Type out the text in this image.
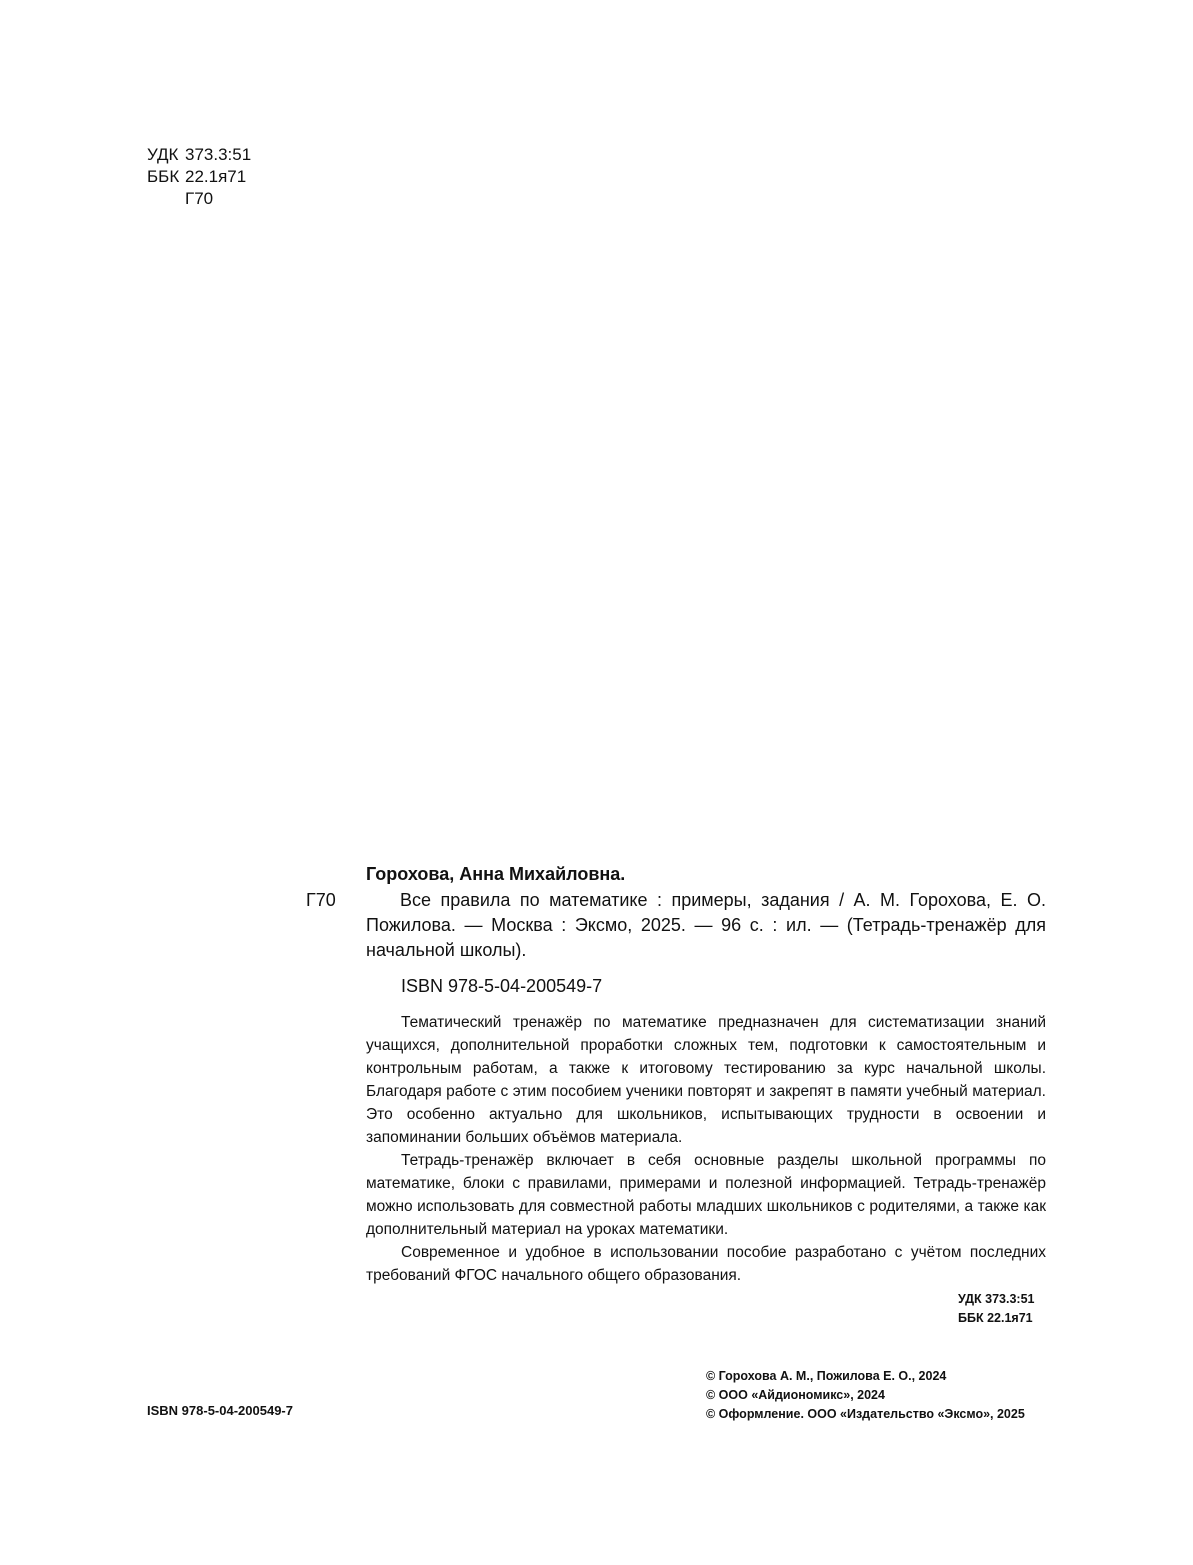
УДК 373.3:51
ББК 22.1я71
Г70
Горохова, Анна Михайловна.
Г70	Все правила по математике : примеры, задания / А. М. Горохова, Е. О. Пожилова. — Москва : Эксмо, 2025. — 96 с. : ил. — (Тетрадь-тренажёр для начальной школы).
ISBN 978-5-04-200549-7

Тематический тренажёр по математике предназначен для систематизации знаний учащихся, дополнительной проработки сложных тем, подготовки к самостоятельным и контрольным работам, а также к итоговому тестированию за курс начальной школы. Благодаря работе с этим пособием ученики повторят и закрепят в памяти учебный материал. Это особенно актуально для школьников, испытывающих трудности в освоении и запоминании больших объёмов материала.

Тетрадь-тренажёр включает в себя основные разделы школьной программы по математике, блоки с правилами, примерами и полезной информацией. Тетрадь-тренажёр можно использовать для совместной работы младших школьников с родителями, а также как дополнительный материал на уроках математики.

Современное и удобное в использовании пособие разработано с учётом последних требований ФГОС начального общего образования.

УДК 373.3:51
ББК 22.1я71
ISBN 978-5-04-200549-7
© Горохова А. М., Пожилова Е. О., 2024
© ООО «Айдиономикс», 2024
© Оформление. ООО «Издательство «Эксмо», 2025
